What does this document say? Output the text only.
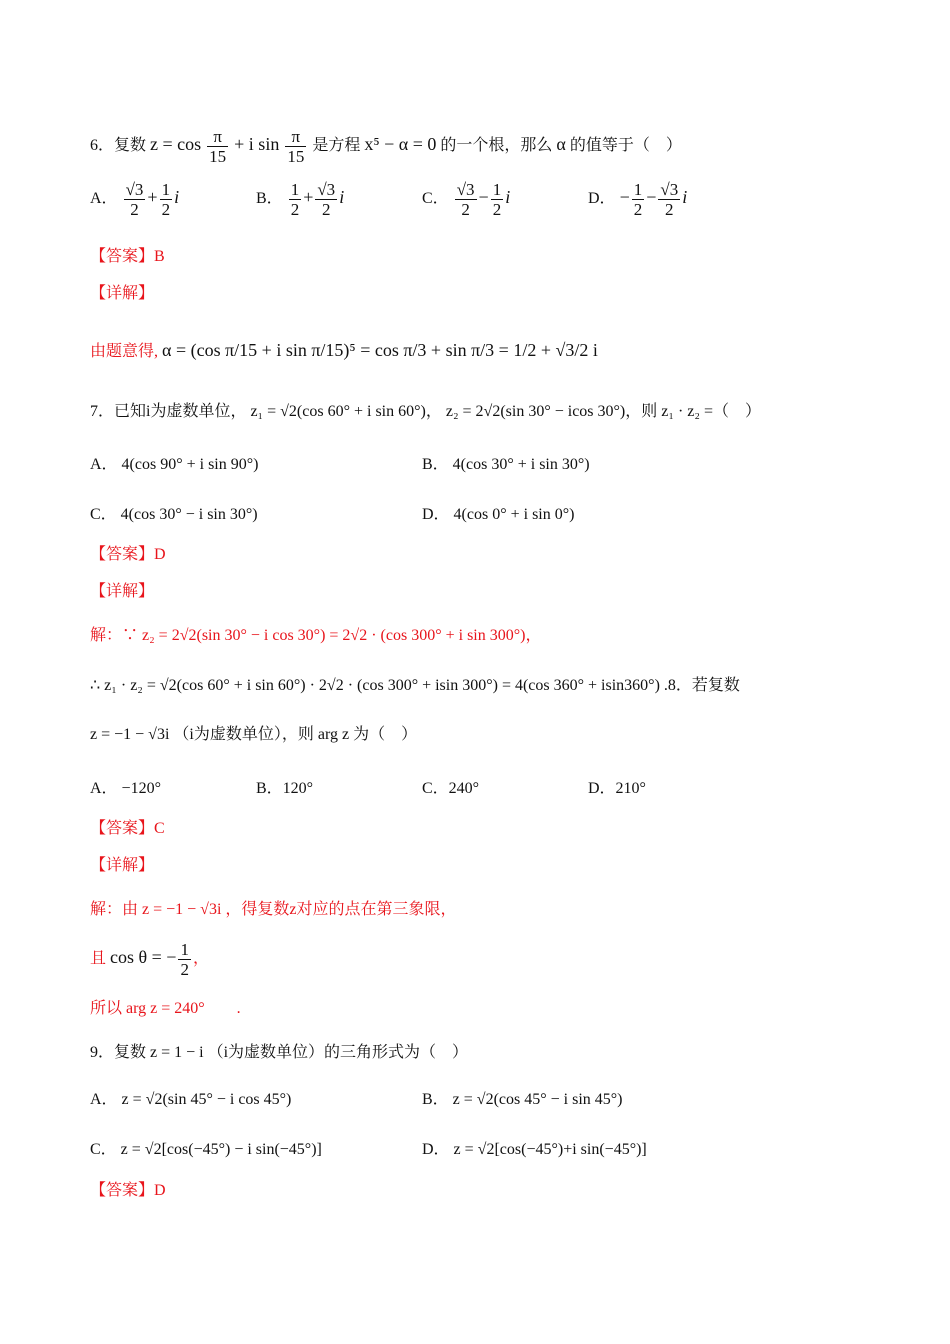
6．复数 $z = \cos \frac{\pi}{15} + i$ $\sin \frac{\pi}{15}$ 是方程 x⁵ − α = 0 的一个根，那么 α 的值等于（　）
A． $\frac{√3}{2} + \frac{1}{2}$ i	B． $\frac{1}{2} + \frac{√3}{2}$ i	C． $\frac{√3}{2} - \frac{1}{2}$ i	D． − $\frac{1}{2} - \frac{√3}{2}$ i
【答案】B
【详解】
由题意得, α = (cos π/15 + i sin π/15)⁵ = cos π/3 + sin π/3 = 1/2 + √3/2 i
7．已知i为虚数单位， z₁ = √2(cos 60° + i sin 60°)， z₂ = 2√2(sin 30° − icos 30°)，则 z₁ · z₂ =（　）
A． 4(cos 90° + i sin 90°)	B． 4(cos 30° + i sin 30°)
C． 4(cos 30° − i sin 30°)	D． 4(cos 0° + i sin 0°)
【答案】D
【详解】
解：∵ z₂ = 2√2(sin 30° − i cos 30°) = 2√2 · (cos 300° + i sin 300°)，
∴ z₁ · z₂ = √2(cos 60° + i sin 60°) · 2√2 · (cos 300° + isin 300°) = 4(cos 360° + isin360°) .8．若复数
z = −1 − √3i （i为虚数单位），则 arg z 为（　）
A． −120°	B．120°	C．240°	D．210°
【答案】C
【详解】
解：由 z = −1 − √3i ，得复数z对应的点在第三象限，
且 cos θ = − $\frac{1}{2}$ ，
所以 arg z = 240°　　.
9．复数 z = 1 − i （i为虚数单位）的三角形式为（　）
A． z = √2(sin 45° − i cos 45°)	B． z = √2(cos 45° − i sin 45°)
C． z = √2[cos(−45°) − i sin(−45°)]	D． z = √2[cos(−45°)+i sin(−45°)]
【答案】D
